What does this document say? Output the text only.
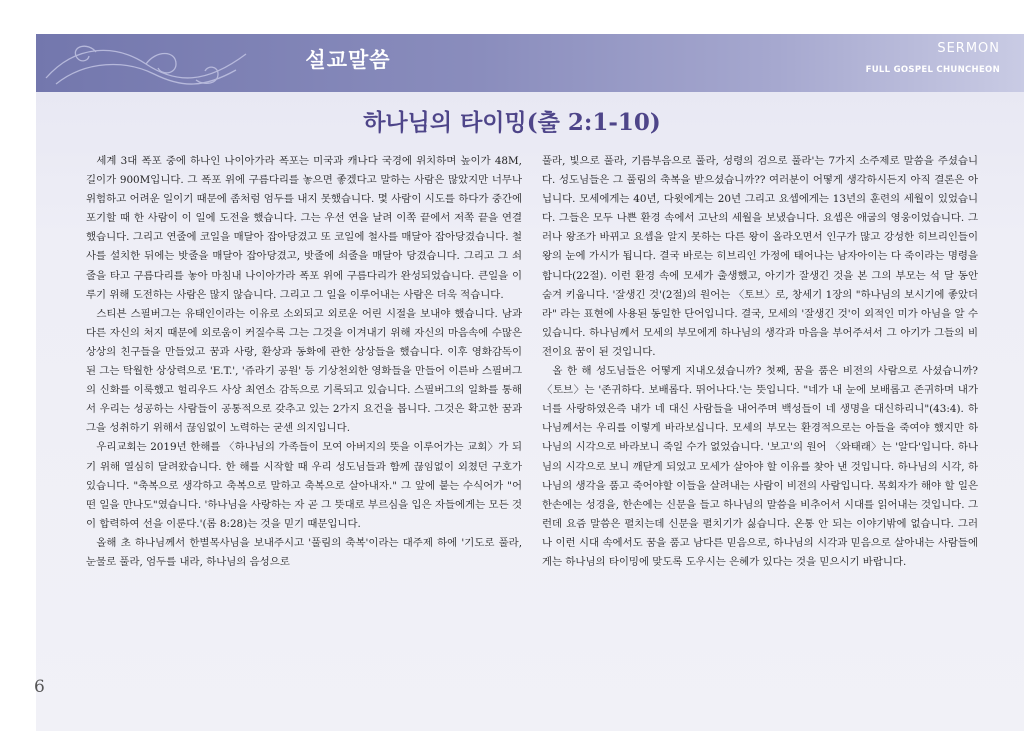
설교말씀	SERMON
FULL GOSPEL CHUNCHEON
하나님의 타이밍(출 2:1-10)

세계 3대 폭포 중에 하나인 나이아가라 폭포는 미국과 캐나다 국경에 위치하며 높이가 48M, 길이가 900M입니다. 그 폭포 위에 구름다리를 놓으면 좋겠다고 말하는 사람은 많았지만 너무나 위험하고 어려운 일이기 때문에 좀처럼 엄두를 내지 못했습니다. 몇 사람이 시도를 하다가 중간에 포기할 때 한 사람이 이 일에 도전을 했습니다. 그는 우선 연을 날려 이쪽 끝에서 저쪽 끝을 연결했습니다. 그리고 연줄에 코일을 매달아 잡아당겼고 또 코일에 철사를 매달아 잡아당겼습니다. 철사를 설치한 뒤에는 밧줄을 매달아 잡아당겼고, 밧줄에 쇠줄을 매달아 당겼습니다. 그리고 그 쇠줄을 타고 구름다리를 놓아 마침내 나이아가라 폭포 위에 구름다리가 완성되었습니다. 큰일을 이루기 위해 도전하는 사람은 많지 않습니다. 그리고 그 일을 이루어내는 사람은 더욱 적습니다.

스티븐 스필버그는 유태인이라는 이유로 소외되고 외로운 어린 시절을 보내야 했습니다. 남과 다른 자신의 처지 때문에 외로움이 커질수록 그는 그것을 이겨내기 위해 자신의 마음속에 수많은 상상의 친구들을 만들었고 꿈과 사랑, 환상과 동화에 관한 상상들을 했습니다. 이후 영화감독이 된 그는 탁월한 상상력으로 'E.T.', '쥬라기 공원' 등 기상천외한 영화들을 만들어 이른바 스필버그의 신화를 이룩했고 헐리우드 사상 최연소 감독으로 기록되고 있습니다. 스필버그의 일화를 통해서 우리는 성공하는 사람들이 공통적으로 갖추고 있는 2가지 요건을 봅니다. 그것은 확고한 꿈과 그을 성취하기 위해서 끊임없이 노력하는 굳센 의지입니다.

우리교회는 2019년 한해를 〈하나님의 가족들이 모여 아버지의 뜻을 이루어가는 교회〉가 되기 위해 열심히 달려왔습니다. 한 해를 시작할 때 우리 성도님들과 함께 끊임없이 외쳤던 구호가 있습니다. "축복으로 생각하고 축복으로 말하고 축복으로 살아내자." 그 앞에 붙는 수식어가 "어떤 일을 만나도"였습니다. '하나님을 사랑하는 자 곧 그 뜻대로 부르심을 입은 자들에게는 모든 것이 합력하여 선을 이룬다.'(롬 8:28)는 것을 믿기 때문입니다.

올해 초 하나님께서 한별목사님을 보내주시고 '풀림의 축복'이라는 대주제 하에 '기도로 풀라, 눈물로 풀라, 엄두를 내라, 하나님의 음성으로

풀라, 빛으로 풀라, 기름부음으로 풀라, 성령의 검으로 풀라'는 7가지 소주제로 말씀을 주셨습니다. 성도님들은 그 풀림의 축복을 받으셨습니까?? 여러분이 어떻게 생각하시든지 아직 결론은 아닙니다. 모세에게는 40년, 다윗에게는 20년 그리고 요셉에게는 13년의 훈련의 세월이 있었습니다. 그들은 모두 나쁜 환경 속에서 고난의 세월을 보냈습니다. 요셉은 애굽의 영웅이었습니다. 그러나 왕조가 바뀌고 요셉을 알지 못하는 다른 왕이 올라오면서 인구가 많고 강성한 히브리인들이 왕의 눈에 가시가 됩니다. 결국 바로는 히브리인 가정에 태어나는 남자아이는 다 죽이라는 명령을 합니다(22절). 이런 환경 속에 모세가 출생했고, 아기가 잘생긴 것을 본 그의 부모는 석 달 동안 숨겨 키웁니다. '잘생긴 것'(2절)의 원어는 〈토브〉로, 창세기 1장의 "하나님의 보시기에 좋았더라" 라는 표현에 사용된 동일한 단어입니다. 결국, 모세의 '잘생긴 것'이 외적인 미가 아님을 알 수 있습니다. 하나님께서 모세의 부모에게 하나님의 생각과 마음을 부어주셔서 그 아기가 그들의 비전이요 꿈이 된 것입니다.

올 한 해 성도님들은 어떻게 지내오셨습니까? 첫째, 꿈을 품은 비전의 사람으로 사셨습니까? 〈토브〉는 '존귀하다. 보배롭다. 뛰어나다.'는 뜻입니다. "네가 내 눈에 보배롭고 존귀하며 내가 너를 사랑하였은즉 내가 네 대신 사람들을 내어주며 백성들이 네 생명을 대신하리니"(43:4). 하나님께서는 우리를 이렇게 바라보십니다. 모세의 부모는 환경적으로는 아들을 죽여야 했지만 하나님의 시각으로 바라보니 죽일 수가 없었습니다. '보고'의 원어 〈와태래〉는 '알다'입니다. 하나님의 시각으로 보니 깨닫게 되었고 모세가 살아야 할 이유를 찾아 낸 것입니다. 하나님의 시각, 하나님의 생각을 품고 죽어야할 이들을 살려내는 사람이 비전의 사람입니다. 목회자가 해야 할 일은 한손에는 성경을, 한손에는 신문을 들고 하나님의 말씀을 비추어서 시대를 읽어내는 것입니다. 그런데 요즘 말씀은 펼치는데 신문을 펼치기가 싫습니다. 온통 안 되는 이야기밖에 없습니다. 그러나 이런 시대 속에서도 꿈을 품고 남다른 믿음으로, 하나님의 시각과 믿음으로 살아내는 사람들에게는 하나님의 타이밍에 맞도록 도우시는 은혜가 있다는 것을 믿으시기 바랍니다.

6
